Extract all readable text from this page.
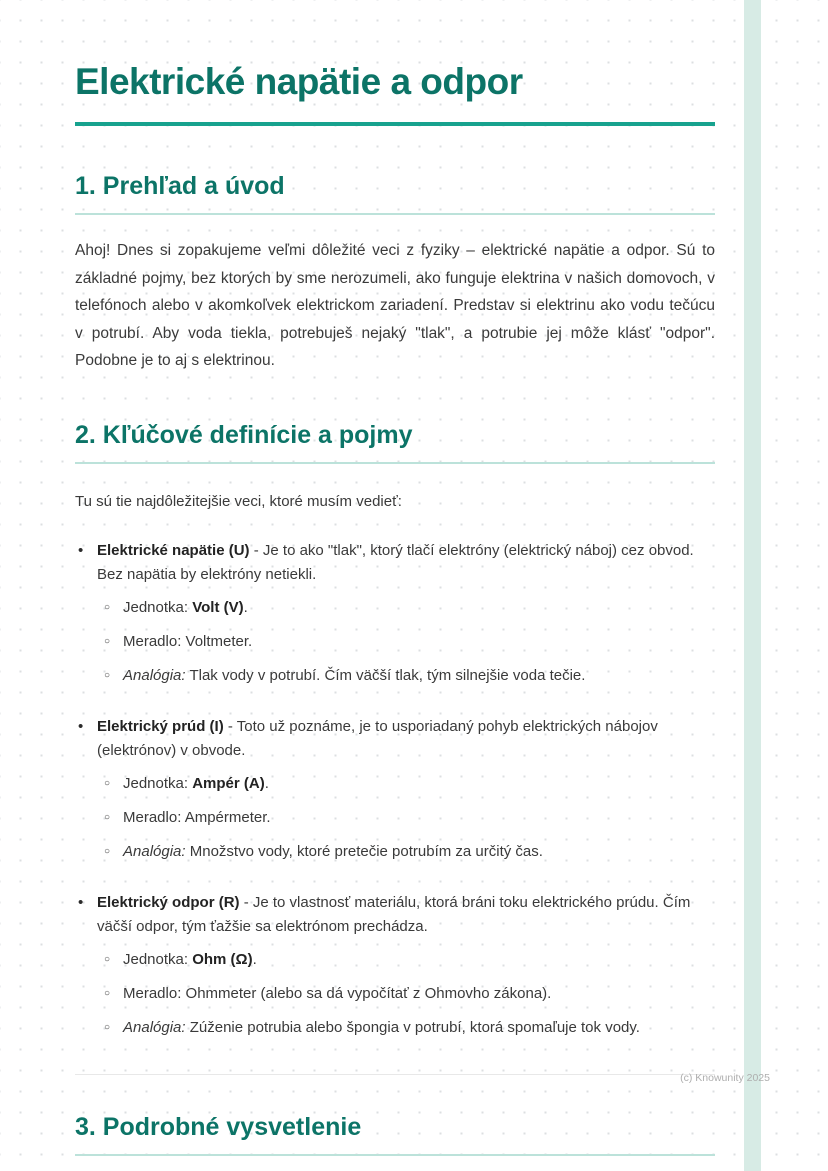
Elektrické napätie a odpor
1. Prehľad a úvod

Ahoj! Dnes si zopakujeme veľmi dôležité veci z fyziky – elektrické napätie a odpor. Sú to základné pojmy, bez ktorých by sme nerozumeli, ako funguje elektrina v našich domovoch, v telefónoch alebo v akomkoľvek elektrickom zariadení. Predstav si elektrinu ako vodu tečúcu v potrubí. Aby voda tiekla, potrebuješ nejaký "tlak", a potrubie jej môže klásť "odpor". Podobne je to aj s elektrinou.

2. Kľúčové definície a pojmy

Tu sú tie najdôležitejšie veci, ktoré musím vedieť:

• Elektrické napätie (U) - Je to ako "tlak", ktorý tlačí elektróny (elektrický náboj) cez obvod. Bez napätia by elektróny netiekli.
○ Jednotka: Volt (V).
○ Meradlo: Voltmeter.
○ Analógia: Tlak vody v potrubí. Čím väčší tlak, tým silnejšie voda tečie.
• Elektrický prúd (I) - Toto už poznáme, je to usporiadaný pohyb elektrických nábojov (elektrónov) v obvode.
○ Jednotka: Ampér (A).
○ Meradlo: Ampérmeter.
○ Analógia: Množstvo vody, ktoré pretečie potrubím za určitý čas.
• Elektrický odpor (R) - Je to vlastnosť materiálu, ktorá bráni toku elektrického prúdu. Čím väčší odpor, tým ťažšie sa elektrónom prechádza.
○ Jednotka: Ohm (Ω).
○ Meradlo: Ohmmeter (alebo sa dá vypočítať z Ohmovho zákona).
○ Analógia: Zúženie potrubia alebo špongia v potrubí, ktorá spomaľuje tok vody.
3. Podrobné vysvetlenie
(c) Knowunity 2025
